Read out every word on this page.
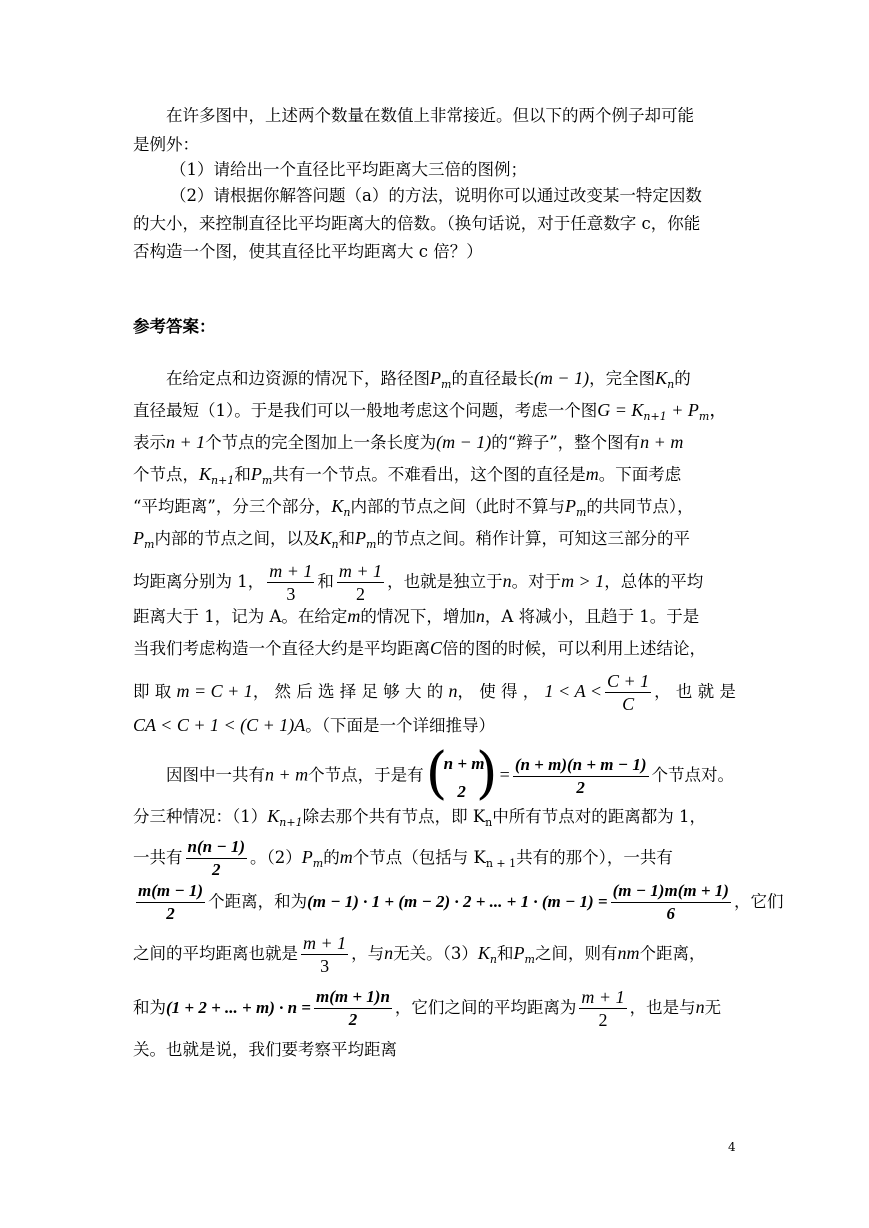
在许多图中，上述两个数量在数值上非常接近。但以下的两个例子却可能
是例外：
（1）请给出一个直径比平均距离大三倍的图例；
（2）请根据你解答问题（a）的方法，说明你可以通过改变某一特定因数
的大小，来控制直径比平均距离大的倍数。（换句话说，对于任意数字 c，你能
否构造一个图，使其直径比平均距离大 c 倍？）
参考答案：
在给定点和边资源的情况下，路径图$P_m$的直径最长(m − 1)，完全图$K_n$的
直径最短（1）。于是我们可以一般地考虑这个问题，考虑一个图$G = K_{n+1} + P_m$，
表示n + 1个节点的完全图加上一条长度为(m − 1)的“辫子”，整个图有n + m
个节点，$K_{n+1}$和$P_m$共有一个节点。不难看出，这个图的直径是m。下面考虑
“平均距离”，分三个部分，$K_n$内部的节点之间（此时不算与$P_m$的共同节点），
$P_m$内部的节点之间，以及$K_n$和$P_m$的节点之间。稍作计算，可知这三部分的平
均距离分别为 1， $\frac{m + 1}{3}$ 和 $\frac{m + 1}{2}$ ，也就是独立于n。对于m > 1，总体的平均
距离大于 1，记为 A。在给定m的情况下，增加n，A 将减小，且趋于 1。于是
当我们考虑构造一个直径大约是平均距离C倍的图的时候，可以利用上述结论，
即 取 m = C + 1， 然 后 选 择 足 够 大 的 n， 使 得 ， $1 < A < \frac{C + 1}{C}$ ， 也 就 是
CA < C + 1 < (C + 1)A。（下面是一个详细推导）
因图中一共有n + m个节点，于是有 (
n + m
2 ) = $\frac{(n + m)(n + m - 1)}{2}$ 个节点对。
分三种情况：$(1)K_{n+1}$除去那个共有节点，即 $K_n$中所有节点对的距离都为 1，
一共有 $\frac{n(n - 1)}{2}$ 。$(2)P_m$的m个节点（包括与 $K_{n + 1}$共有的那个），一共有
$\frac{m(m - 1)}{2}$ 个距离，和为(m − 1) · 1 + (m − 2) · 2 + ... + $1 \cdot (m - 1) = \frac{(m - 1)m(m + 1)}{6}$ ，它们
之间的平均距离也就是 $\frac{m + 1}{3}$ ，与n无关。$(3)K_n$和$P_m$之间，则有nm个距离，
和为(1 + 2 + ... + $m) \cdot n = \frac{m(m + 1)n}{2}$ ，它们之间的平均距离为 $\frac{m + 1}{2}$ ，也是与n无
关。也就是说，我们要考察平均距离
4
